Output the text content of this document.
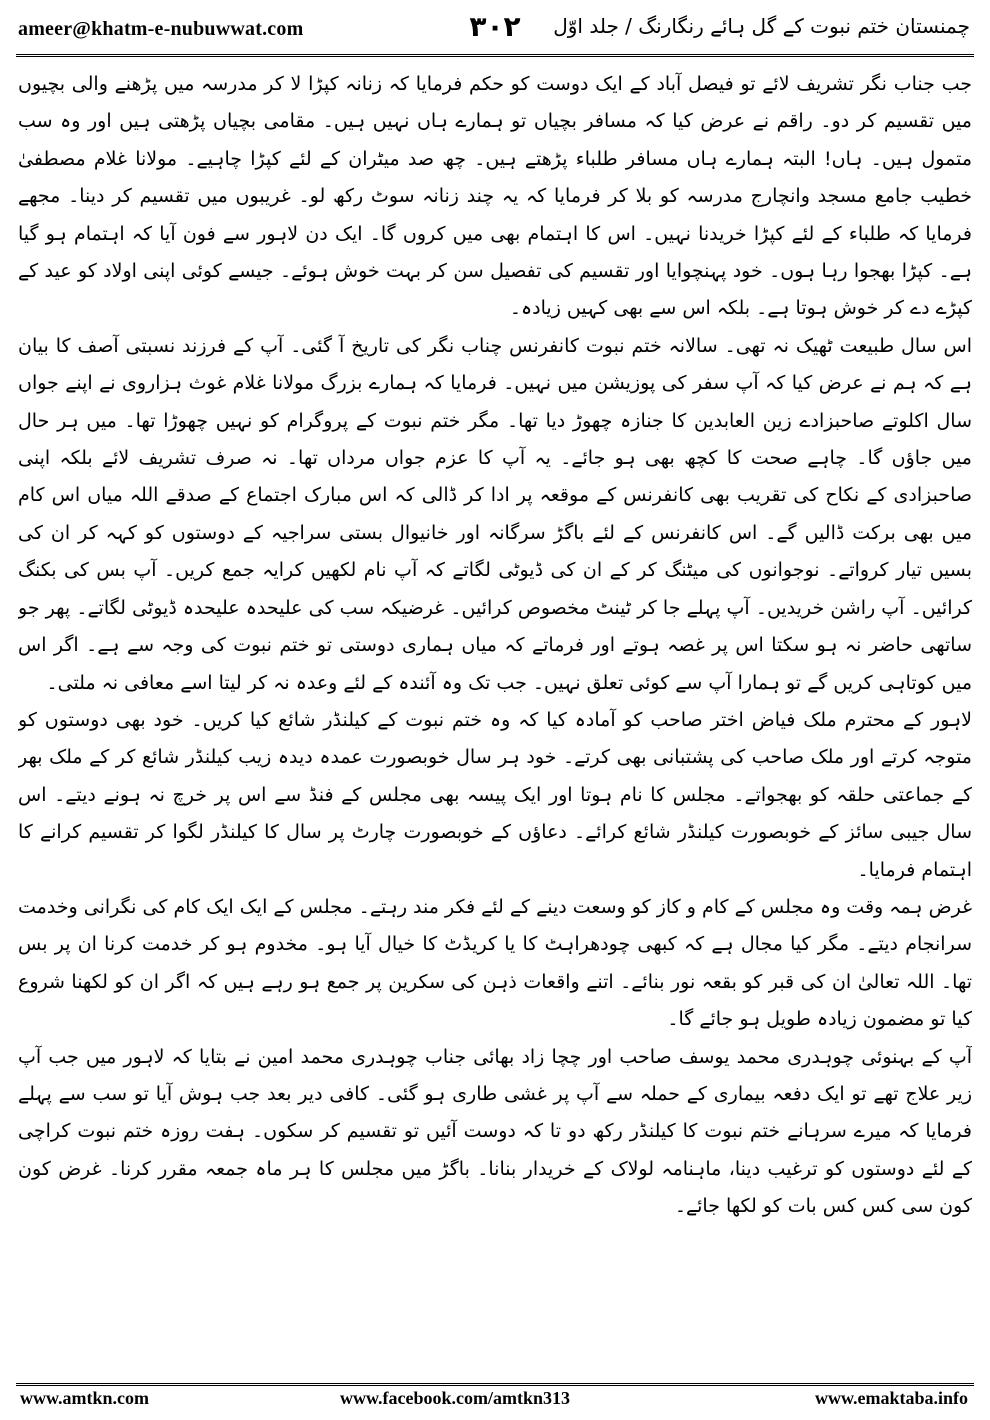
ameer@khatm-e-nubuwwat.com	۳۰۲	چمنستان ختم نبوت کے گل ہائے رنگارنگ / جلد اوّل

جب جناب نگر تشریف لائے تو فیصل آباد کے ایک دوست کو حکم فرمایا کہ زنانہ کپڑا لا کر مدرسہ میں پڑھنے والی بچیوں میں تقسیم کر دو۔ راقم نے عرض کیا کہ مسافر بچیاں تو ہمارے ہاں نہیں ہیں۔ مقامی بچیاں پڑھتی ہیں اور وہ سب متمول ہیں۔ ہاں! البتہ ہمارے ہاں مسافر طلباء پڑھتے ہیں۔ چھ صد میٹران کے لئے کپڑا چاہیے۔ مولانا غلام مصطفیٰ خطیب جامع مسجد وانچارج مدرسہ کو بلا کر فرمایا کہ یہ چند زنانہ سوٹ رکھ لو۔ غریبوں میں تقسیم کر دینا۔ مجھے فرمایا کہ طلباء کے لئے کپڑا خریدنا نہیں۔ اس کا اہتمام بھی میں کروں گا۔ ایک دن لاہور سے فون آیا کہ اہتمام ہو گیا ہے۔ کپڑا بھجوا رہا ہوں۔ خود پہنچوایا اور تقسیم کی تفصیل سن کر بہت خوش ہوئے۔ جیسے کوئی اپنی اولاد کو عید کے کپڑے دے کر خوش ہوتا ہے۔ بلکہ اس سے بھی کہیں زیادہ۔

اس سال طبیعت ٹھیک نہ تھی۔ سالانہ ختم نبوت کانفرنس چناب نگر کی تاریخ آ گئی۔ آپ کے فرزند نسبتی آصف کا بیان ہے کہ ہم نے عرض کیا کہ آپ سفر کی پوزیشن میں نہیں۔ فرمایا کہ ہمارے بزرگ مولانا غلام غوث ہزاروی نے اپنے جواں سال اکلوتے صاحبزادے زین العابدین کا جنازہ چھوڑ دیا تھا۔ مگر ختم نبوت کے پروگرام کو نہیں چھوڑا تھا۔ میں ہر حال میں جاؤں گا۔ چاہے صحت کا کچھ بھی ہو جائے۔ یہ آپ کا عزم جواں مرداں تھا۔ نہ صرف تشریف لائے بلکہ اپنی صاحبزادی کے نکاح کی تقریب بھی کانفرنس کے موقعہ پر ادا کر ڈالی کہ اس مبارک اجتماع کے صدقے اللہ میاں اس کام میں بھی برکت ڈالیں گے۔ اس کانفرنس کے لئے باگڑ سرگانہ اور خانیوال بستی سراجیہ کے دوستوں کو کہہ کر ان کی بسیں تیار کرواتے۔ نوجوانوں کی میٹنگ کر کے ان کی ڈیوٹی لگاتے کہ آپ نام لکھیں کرایہ جمع کریں۔ آپ بس کی بکنگ کرائیں۔ آپ راشن خریدیں۔ آپ پہلے جا کر ٹینٹ مخصوص کرائیں۔ غرضیکہ سب کی علیحدہ علیحدہ ڈیوٹی لگاتے۔ پھر جو ساتھی حاضر نہ ہو سکتا اس پر غصہ ہوتے اور فرماتے کہ میاں ہماری دوستی تو ختم نبوت کی وجہ سے ہے۔ اگر اس میں کوتاہی کریں گے تو ہمارا آپ سے کوئی تعلق نہیں۔ جب تک وہ آئندہ کے لئے وعدہ نہ کر لیتا اسے معافی نہ ملتی۔

لاہور کے محترم ملک فیاض اختر صاحب کو آمادہ کیا کہ وہ ختم نبوت کے کیلنڈر شائع کیا کریں۔ خود بھی دوستوں کو متوجہ کرتے اور ملک صاحب کی پشتبانی بھی کرتے۔ خود ہر سال خوبصورت عمدہ دیدہ زیب کیلنڈر شائع کر کے ملک بھر کے جماعتی حلقہ کو بھجواتے۔ مجلس کا نام ہوتا اور ایک پیسہ بھی مجلس کے فنڈ سے اس پر خرچ نہ ہونے دیتے۔ اس سال جیبی سائز کے خوبصورت کیلنڈر شائع کرائے۔ دعاؤں کے خوبصورت چارٹ پر سال کا کیلنڈر لگوا کر تقسیم کرانے کا اہتمام فرمایا۔

غرض ہمہ وقت وہ مجلس کے کام و کاز کو وسعت دینے کے لئے فکر مند رہتے۔ مجلس کے ایک ایک کام کی نگرانی وخدمت سرانجام دیتے۔ مگر کیا مجال ہے کہ کبھی چودھراہٹ کا یا کریڈٹ کا خیال آیا ہو۔ مخدوم ہو کر خدمت کرنا ان پر بس تھا۔ اللہ تعالیٰ ان کی قبر کو بقعہ نور بنائے۔ اتنے واقعات ذہن کی سکرین پر جمع ہو رہے ہیں کہ اگر ان کو لکھنا شروع کیا تو مضمون زیادہ طویل ہو جائے گا۔

آپ کے بہنوئی چوہدری محمد یوسف صاحب اور چچا زاد بھائی جناب چوہدری محمد امین نے بتایا کہ لاہور میں جب آپ زیر علاج تھے تو ایک دفعہ بیماری کے حملہ سے آپ پر غشی طاری ہو گئی۔ کافی دیر بعد جب ہوش آیا تو سب سے پہلے فرمایا کہ میرے سرہانے ختم نبوت کا کیلنڈر رکھ دو تا کہ دوست آئیں تو تقسیم کر سکوں۔ ہفت روزہ ختم نبوت کراچی کے لئے دوستوں کو ترغیب دینا، ماہنامہ لولاک کے خریدار بنانا۔ باگڑ میں مجلس کا ہر ماہ جمعہ مقرر کرنا۔ غرض کون کون سی کس کس بات کو لکھا جائے۔

www.amtkn.com	www.facebook.com/amtkn313	www.emaktaba.info
